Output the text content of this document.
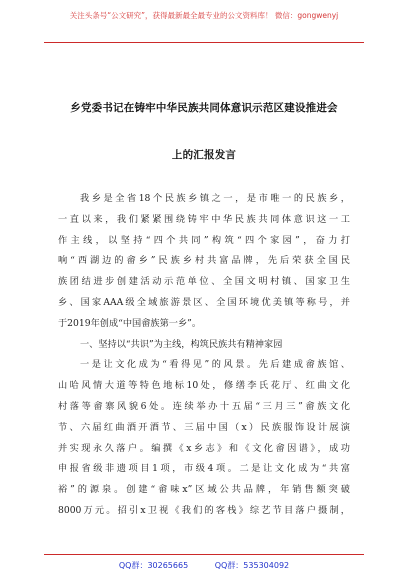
关注头条号“公文研究”，获得最新最全最专业的公文资料库！ 微信：gongwenyj
乡党委书记在铸牢中华民族共同体意识示范区建设推进会
上的汇报发言
我乡是全省18个民族乡镇之一，是市唯一的民族乡，
一直以来，我们紧紧围绕铸牢中华民族共同体意识这一工
作主线，以坚持“四个共同”构筑“四个家园”，奋力打
响“西湖边的畲乡”民族乡村共富品牌，先后荣获全国民
族团结进步创建活动示范单位、全国文明村镇、国家卫生
乡、国家AAA级全域旅游景区、全国环境优美镇等称号，并
于2019年创成“中国畲族第一乡”。
一、坚持以“共识”为主线，构筑民族共有精神家园
一是让文化成为“看得见”的风景。先后建成畲族馆、
山哈风情大道等特色地标10处，修缮李氏花厅、红曲文化
村落等畲寨风貌6处。连续举办十五届“三月三”畲族文化
节、六届红曲酒开酒节、三届中国（x）民族服饰设计展演
并实现永久落户。编撰《x乡志》和《文化畲因谱》，成功
申报省级非遗项目1项，市级4项。二是让文化成为“共富
裕”的源泉。创建“畲味x”区域公共品牌，年销售额突破
8000万元。招引x卫视《我们的客栈》综艺节目落户摄制，
QQ群：30265665	QQ群：535304092
